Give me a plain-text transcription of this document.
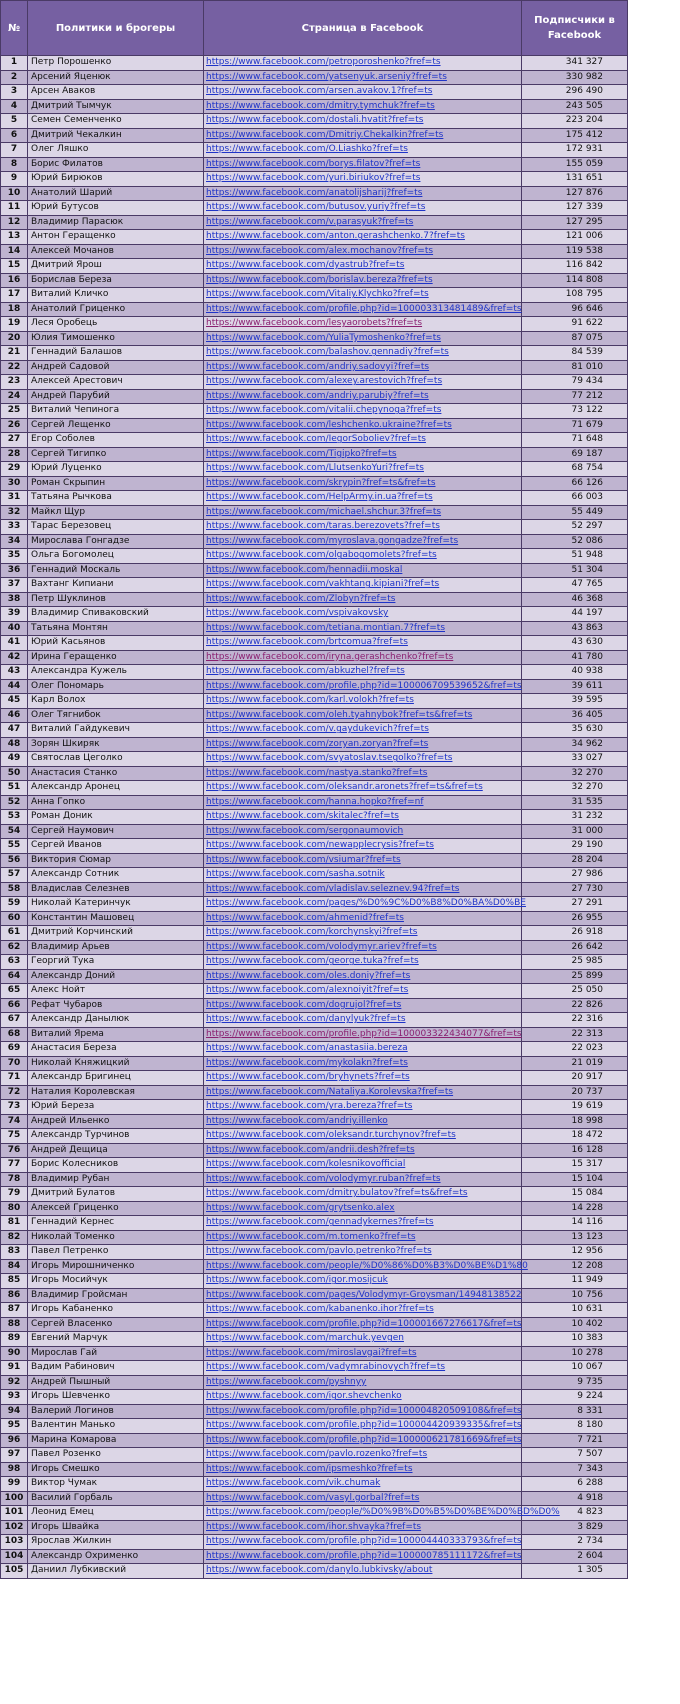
№	Политики и брогеры	Страница в Facebook	Подписчики в Facebook
1	Петр Порошенко	https://www.facebook.com/petroporoshenko?fref=ts	341 327
2	Арсений Яценюк	https://www.facebook.com/yatsenyuk.arseniy?fref=ts	330 982
3	Арсен Аваков	https://www.facebook.com/arsen.avakov.1?fref=ts	296 490
4	Дмитрий Тымчук	https://www.facebook.com/dmitry.tymchuk?fref=ts	243 505
5	Семен Семенченко	https://www.facebook.com/dostali.hvatit?fref=ts	223 204
6	Дмитрий Чекалкин	https://www.facebook.com/Dmitriy.Chekalkin?fref=ts	175 412
7	Олег Ляшко	https://www.facebook.com/O.Liashko?fref=ts	172 931
8	Борис Филатов	https://www.facebook.com/borys.filatov?fref=ts	155 059
9	Юрий Бирюков	https://www.facebook.com/yuri.biriukov?fref=ts	131 651
10	Анатолий Шарий	https://www.facebook.com/anatolijsharij?fref=ts	127 876
11	Юрий Бутусов	https://www.facebook.com/butusov.yuriy?fref=ts	127 339
12	Владимир Парасюк	https://www.facebook.com/v.parasyuk?fref=ts	127 295
13	Антон Геращенко	https://www.facebook.com/anton.gerashchenko.7?fref=ts	121 006
14	Алексей Мочанов	https://www.facebook.com/alex.mochanov?fref=ts	119 538
15	Дмитрий Ярош	https://www.facebook.com/dyastrub?fref=ts	116 842
16	Борислав Береза	https://www.facebook.com/borislav.bereza?fref=ts	114 808
17	Виталий Кличко	https://www.facebook.com/Vitaliy.Klychko?fref=ts	108 795
18	Анатолий Гриценко	https://www.facebook.com/profile.php?id=100003313481489&fref=ts	96 646
19	Леся Оробець	https://www.facebook.com/lesyaorobets?fref=ts	91 622
20	Юлия Тимошенко	https://www.facebook.com/YuliaTymoshenko?fref=ts	87 075
21	Геннадий Балашов	https://www.facebook.com/balashov.gennadiy?fref=ts	84 539
22	Андрей Садовой	https://www.facebook.com/andriy.sadovyi?fref=ts	81 010
23	Алексей Арестович	https://www.facebook.com/alexey.arestovich?fref=ts	79 434
24	Андрей Парубий	https://www.facebook.com/andriy.parubiy?fref=ts	77 212
25	Виталий Чепинога	https://www.facebook.com/vitalii.chepynoga?fref=ts	73 122
26	Сергей Лещенко	https://www.facebook.com/leshchenko.ukraine?fref=ts	71 679
27	Егор Соболев	https://www.facebook.com/IegorSoboliev?fref=ts	71 648
28	Сергей Тигипко	https://www.facebook.com/Tigipko?fref=ts	69 187
29	Юрий Луценко	https://www.facebook.com/LlutsenkoYuri?fref=ts	68 754
30	Роман Скрыпин	https://www.facebook.com/skrypin?fref=ts&fref=ts	66 126
31	Татьяна Рычкова	https://www.facebook.com/HelpArmy.in.ua?fref=ts	66 003
32	Майкл Щур	https://www.facebook.com/michael.shchur.3?fref=ts	55 449
33	Тарас Березовец	https://www.facebook.com/taras.berezovets?fref=ts	52 297
34	Мирослава Гонгадзе	https://www.facebook.com/myroslava.gongadze?fref=ts	52 086
35	Ольга Богомолец	https://www.facebook.com/olgabogomolets?fref=ts	51 948
36	Геннадий Москаль	https://www.facebook.com/hennadii.moskal	51 304
37	Вахтанг Кипиани	https://www.facebook.com/vakhtang.kipiani?fref=ts	47 765
38	Петр Шуклинов	https://www.facebook.com/Zlobyn?fref=ts	46 368
39	Владимир Спиваковский	https://www.facebook.com/vspivakovsky	44 197
40	Татьяна Монтян	https://www.facebook.com/tetiana.montian.7?fref=ts	43 863
41	Юрий Касьянов	https://www.facebook.com/brtcomua?fref=ts	43 630
42	Ирина Геращенко	https://www.facebook.com/iryna.gerashchenko?fref=ts	41 780
43	Александра Кужель	https://www.facebook.com/abkuzhel?fref=ts	40 938
44	Олег Пономарь	https://www.facebook.com/profile.php?id=100006709539652&fref=ts	39 611
45	Карл Волох	https://www.facebook.com/karl.volokh?fref=ts	39 595
46	Олег Тягнибок	https://www.facebook.com/oleh.tyahnybok?fref=ts&fref=ts	36 405
47	Виталий Гайдукевич	https://www.facebook.com/v.gaydukevich?fref=ts	35 630
48	Зорян Шкиряк	https://www.facebook.com/zoryan.zoryan?fref=ts	34 962
49	Святослав Цеголко	https://www.facebook.com/svyatoslav.tsegolko?fref=ts	33 027
50	Анастасия Станко	https://www.facebook.com/nastya.stanko?fref=ts	32 270
51	Александр Аронец	https://www.facebook.com/oleksandr.aronets?fref=ts&fref=ts	32 270
52	Анна Гопко	https://www.facebook.com/hanna.hopko?fref=nf	31 535
53	Роман Доник	https://www.facebook.com/skitalec?fref=ts	31 232
54	Сергей Наумович	https://www.facebook.com/sergonaumovich	31 000
55	Сергей Иванов	https://www.facebook.com/newapplecrysis?fref=ts	29 190
56	Виктория Сюмар	https://www.facebook.com/vsiumar?fref=ts	28 204
57	Александр Сотник	https://www.facebook.com/sasha.sotnik	27 986
58	Владислав Селезнев	https://www.facebook.com/vladislav.seleznev.94?fref=ts	27 730
59	Николай Катеринчук	https://www.facebook.com/pages/%D0%9C%D0%B8%D0%BA%D0%BE	27 291
60	Константин Машовец	https://www.facebook.com/ahmenid?fref=ts	26 955
61	Дмитрий Корчинский	https://www.facebook.com/korchynskyi?fref=ts	26 918
62	Владимир Арьев	https://www.facebook.com/volodymyr.ariev?fref=ts	26 642
63	Георгий Тука	https://www.facebook.com/george.tuka?fref=ts	25 985
64	Александр Доний	https://www.facebook.com/oles.doniy?fref=ts	25 899
65	Алекс Нойт	https://www.facebook.com/alexnoiyit?fref=ts	25 050
66	Рефат Чубаров	https://www.facebook.com/dogrujol?fref=ts	22 826
67	Александр Данылюк	https://www.facebook.com/danylyuk?fref=ts	22 316
68	Виталий Ярема	https://www.facebook.com/profile.php?id=100003322434077&fref=ts	22 313
69	Анастасия Береза	https://www.facebook.com/anastasiia.bereza	22 023
70	Николай Княжицкий	https://www.facebook.com/mykolakn?fref=ts	21 019
71	Александр Бригинец	https://www.facebook.com/bryhynets?fref=ts	20 917
72	Наталия Королевская	https://www.facebook.com/Nataliya.Korolevska?fref=ts	20 737
73	Юрий Береза	https://www.facebook.com/yra.bereza?fref=ts	19 619
74	Андрей Ильенко	https://www.facebook.com/andriy.illenko	18 998
75	Александр Турчинов	https://www.facebook.com/oleksandr.turchynov?fref=ts	18 472
76	Андрей Дещица	https://www.facebook.com/andrii.desh?fref=ts	16 128
77	Борис Колесников	https://www.facebook.com/kolesnikovofficial	15 317
78	Владимир Рубан	https://www.facebook.com/volodymyr.ruban?fref=ts	15 104
79	Дмитрий Булатов	https://www.facebook.com/dmitry.bulatov?fref=ts&fref=ts	15 084
80	Алексей Гриценко	https://www.facebook.com/grytsenko.alex	14 228
81	Геннадий Кернес	https://www.facebook.com/gennadykernes?fref=ts	14 116
82	Николай Томенко	https://www.facebook.com/m.tomenko?fref=ts	13 123
83	Павел Петренко	https://www.facebook.com/pavlo.petrenko?fref=ts	12 956
84	Игорь Мирошниченко	https://www.facebook.com/people/%D0%86%D0%B3%D0%BE%D1%80	12 208
85	Игорь Мосийчук	https://www.facebook.com/igor.mosijcuk	11 949
86	Владимир Гройсман	https://www.facebook.com/pages/Volodymyr-Groysman/14948138522	10 756
87	Игорь Кабаненко	https://www.facebook.com/kabanenko.ihor?fref=ts	10 631
88	Сергей Власенко	https://www.facebook.com/profile.php?id=100001667276617&fref=ts	10 402
89	Евгений Марчук	https://www.facebook.com/marchuk.yevgen	10 383
90	Мирослав Гай	https://www.facebook.com/miroslavgai?fref=ts	10 278
91	Вадим Рабинович	https://www.facebook.com/vadymrabinovych?fref=ts	10 067
92	Андрей Пышный	https://www.facebook.com/pyshnyy	9 735
93	Игорь Шевченко	https://www.facebook.com/igor.shevchenko	9 224
94	Валерий Логинов	https://www.facebook.com/profile.php?id=100004820509108&fref=ts	8 331
95	Валентин Манько	https://www.facebook.com/profile.php?id=100004420939335&fref=ts	8 180
96	Марина Комарова	https://www.facebook.com/profile.php?id=100000621781669&fref=ts	7 721
97	Павел Розенко	https://www.facebook.com/pavlo.rozenko?fref=ts	7 507
98	Игорь Смешко	https://www.facebook.com/ipsmeshko?fref=ts	7 343
99	Виктор Чумак	https://www.facebook.com/vik.chumak	6 288
100	Василий Горбаль	https://www.facebook.com/vasyl.gorbal?fref=ts	4 918
101	Леонид Емец	https://www.facebook.com/people/%D0%9B%D0%B5%D0%BE%D0%BD%D0%	4 823
102	Игорь Швайка	https://www.facebook.com/ihor.shvayka?fref=ts	3 829
103	Ярослав Жилкин	https://www.facebook.com/profile.php?id=100004440333793&fref=ts	2 734
104	Александр Охрименко	https://www.facebook.com/profile.php?id=100000785111172&fref=ts	2 604
105	Даниил Лубкивский	https://www.facebook.com/danylo.lubkivsky/about	1 305
